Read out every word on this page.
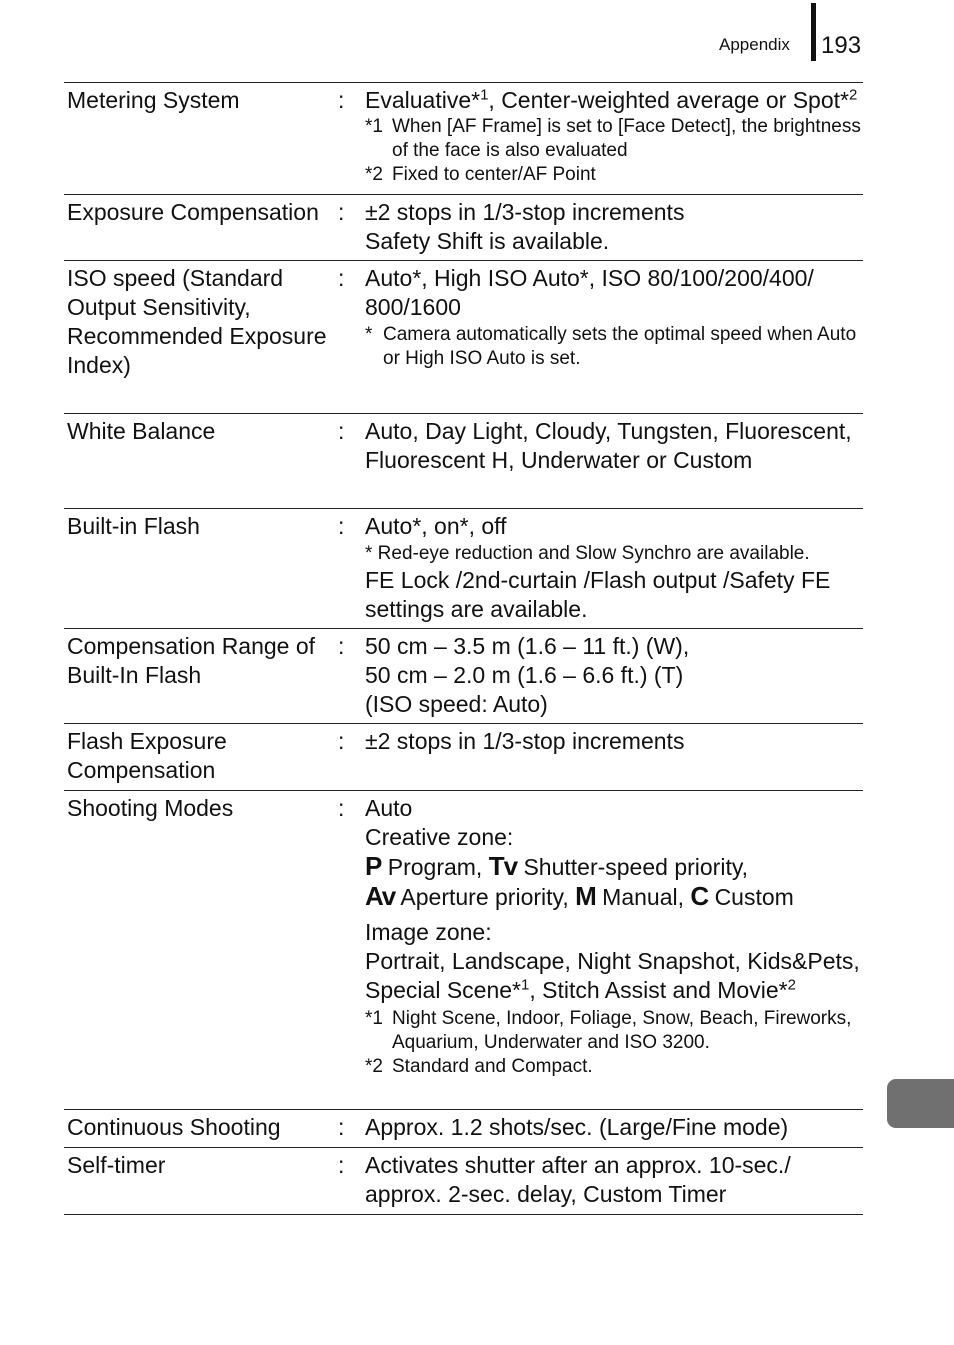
Appendix 193
Metering System	: Evaluative*$^1$, Center-weighted average or Spot*$^2$
*1 When [AF Frame] is set to [Face Detect], the brightness of the face is also evaluated
*2 Fixed to center/AF Point
Exposure Compensation : ±2 stops in 1/3-stop increments
Safety Shift is available.
ISO speed (Standard Output Sensitivity, Recommended Exposure Index)
: Auto*, High ISO Auto*, ISO 80/100/200/400/ 800/1600
* Camera automatically sets the optimal speed when Auto or High ISO Auto is set.
White Balance	: Auto, Day Light, Cloudy, Tungsten, Fluorescent, Fluorescent H, Underwater or Custom
Built-in Flash	: Auto*, on*, off
* Red-eye reduction and Slow Synchro are available.
FE Lock /2nd-curtain /Flash output /Safety FE settings are available.
Compensation Range of Built-In Flash
: 50 cm – 3.5 m (1.6 – 11 ft.) (W),
50 cm – 2.0 m (1.6 – 6.6 ft.) (T)
(ISO speed: Auto)
Flash Exposure Compensation
: ±2 stops in 1/3-stop increments
Shooting Modes	: Auto
Creative zone:
P Program, Tv Shutter-speed priority,
Av Aperture priority, M Manual, C Custom
Image zone:
Portrait, Landscape, Night Snapshot, Kids&Pets, Special Scene*$^1$, Stitch Assist and Movie*$^2$
*1 Night Scene, Indoor, Foliage, Snow, Beach, Fireworks, Aquarium, Underwater and ISO 3200.
*2 Standard and Compact.
Continuous Shooting	: Approx. 1.2 shots/sec. (Large/Fine mode)
Self-timer	: Activates shutter after an approx. 10-sec./ approx. 2-sec. delay, Custom Timer
